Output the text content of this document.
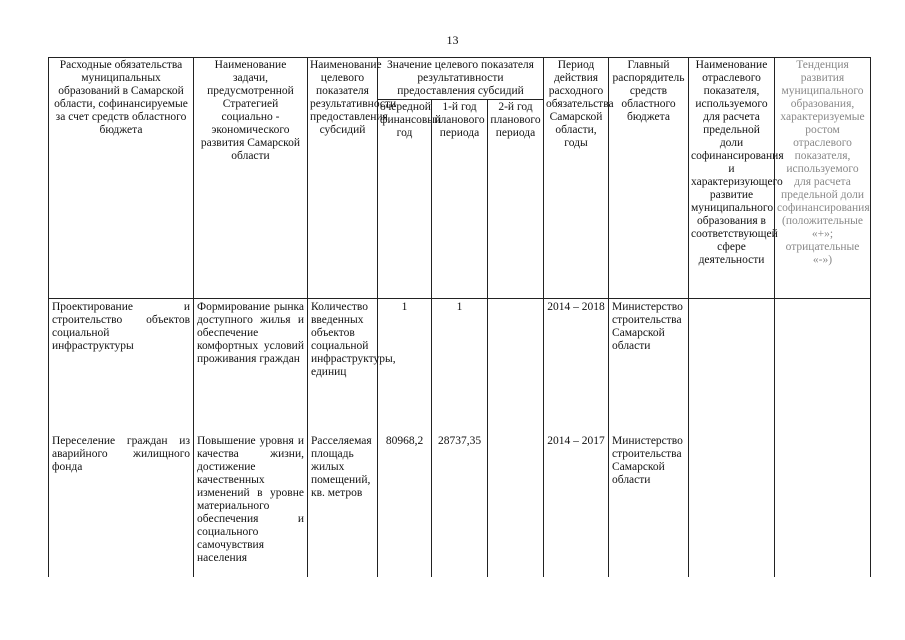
13
Расходные обязательства муниципальных образований в Самарской области, софинансируемые за счет средств областного бюджета	Наименование задачи, предусмотренной Стратегией социально - экономического развития Самарской области	Наименование целевого показателя результативности предоставления субсидий	Значение целевого показателя результативности предоставления субсидий			Период действия расходного обязательства Самарской области, годы	Главный распорядитель средств областного бюджета	Наименование отраслевого показателя, используемого для расчета предельной доли софинансирования и характеризующего развитие муниципального образования в соответствующей сфере деятельности	Тенденция развития муниципального образования, характеризуемые ростом отраслевого показателя, используемого для расчета предельной доли софинансирования (положительные «+»; отрицательные «-»)
			очередной финансовый год	1-й год планового периода	2-й год планового периода				
Проектирование и строительство объектов социальной инфраструктуры	Формирование рынка доступного жилья и обеспечение комфортных условий проживания граждан	Количество введенных объектов социальной инфраструктуры, единиц	1	1		2014 – 2018	Министерство строительства Самарской области		
Переселение граждан из аварийного жилищного фонда	Повышение уровня и качества жизни, достижение качественных изменений в уровне материального обеспечения и социального самочувствия населения	Расселяемая площадь жилых помещений, кв. метров	80968,2	28737,35		2014 – 2017	Министерство строительства Самарской области		
